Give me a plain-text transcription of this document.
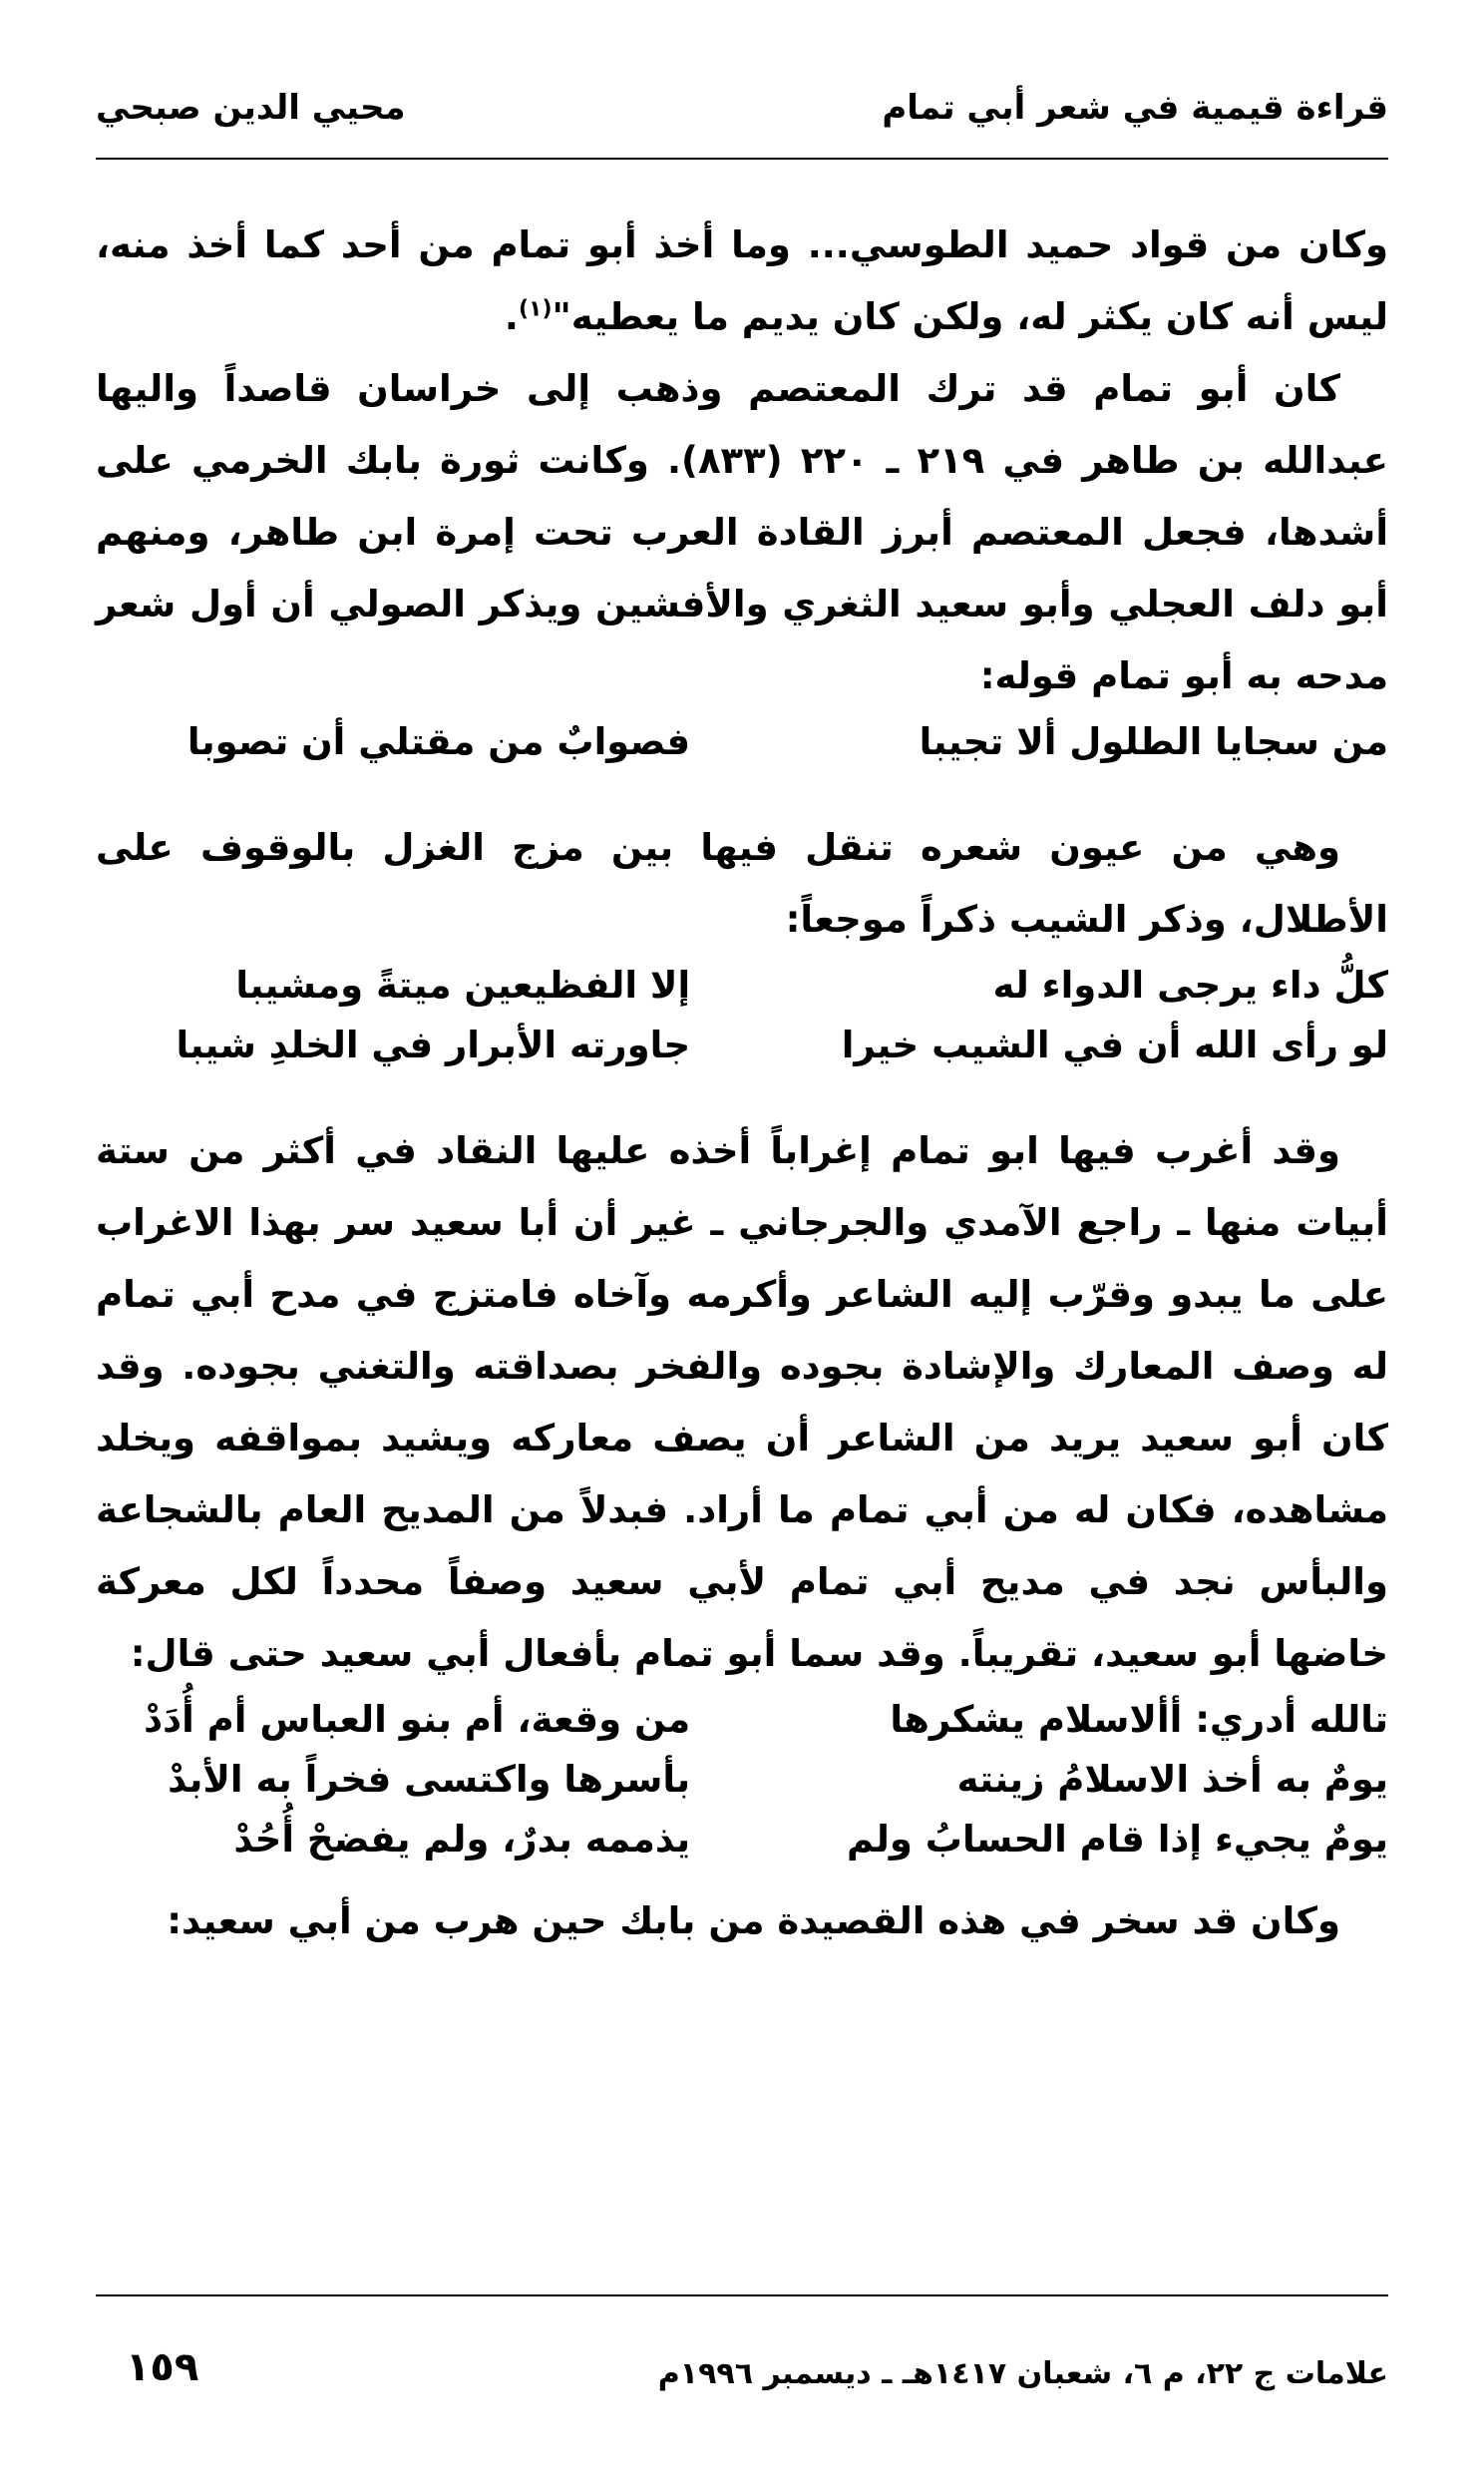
قراءة قيمية في شعر أبي تمام
محيي الدين صبحي

وكان من قواد حميد الطوسي... وما أخذ أبو تمام من أحد كما أخذ منه، ليس أنه كان يكثر له، ولكن كان يديم ما يعطيه"$^{(١)}$.

كان أبو تمام قد ترك المعتصم وذهب إلى خراسان قاصداً واليها عبدالله بن طاهر في ٢١٩ ـ ٢٢٠ (٨٣٣). وكانت ثورة بابك الخرمي على أشدها، فجعل المعتصم أبرز القادة العرب تحت إمرة ابن طاهر، ومنهم أبو دلف العجلي وأبو سعيد الثغري والأفشين ويذكر الصولي أن أول شعر مدحه به أبو تمام قوله:

من سجايا الطلول ألا تجيبا
فصوابٌ من مقتلي أن تصوبا

وهي من عيون شعره تنقل فيها بين مزج الغزل بالوقوف على الأطلال، وذكر الشيب ذكراً موجعاً:

كلُّ داء يرجى الدواء له
إلا الفظيعين ميتةً ومشيبا
لو رأى الله أن في الشيب خيرا
جاورته الأبرار في الخلدِ شيبا

وقد أغرب فيها ابو تمام إغراباً أخذه عليها النقاد في أكثر من ستة أبيات منها ـ راجع الآمدي والجرجاني ـ غير أن أبا سعيد سر بهذا الاغراب على ما يبدو وقرّب إليه الشاعر وأكرمه وآخاه فامتزج في مدح أبي تمام له وصف المعارك والإشادة بجوده والفخر بصداقته والتغني بجوده. وقد كان أبو سعيد يريد من الشاعر أن يصف معاركه ويشيد بمواقفه ويخلد مشاهده، فكان له من أبي تمام ما أراد. فبدلاً من المديح العام بالشجاعة والبأس نجد في مديح أبي تمام لأبي سعيد وصفاً محدداً لكل معركة خاضها أبو سعيد، تقريباً. وقد سما أبو تمام بأفعال أبي سعيد حتى قال:

تالله أدري: أألاسلام يشكرها
من وقعة، أم بنو العباس أم أُدَدْ
يومٌ به أخذ الاسلامُ زينته
بأسرها واكتسى فخراً به الأبدْ
يومٌ يجيء إذا قام الحسابُ ولم
يذممه بدرٌ، ولم يفضحْ أُحُدْ

وكان قد سخر في هذه القصيدة من بابك حين هرب من أبي سعيد:

علامات ج ٢٢، م ٦، شعبان ١٤١٧هـ ـ ديسمبر ١٩٩٦م
١٥٩
